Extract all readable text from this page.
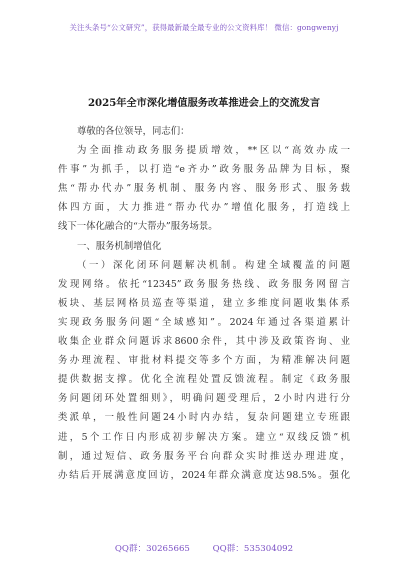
关注头条号“公文研究”，获得最新最全最专业的公文资料库！ 微信：gongwenyj
2025年全市深化增值服务改革推进会上的交流发言
尊敬的各位领导，同志们：
为全面推动政务服务提质增效，**区以“高效办成一
件事”为抓手，以打造“e齐办”政务服务品牌为目标，聚
焦“帮办代办”服务机制、服务内容、服务形式、服务载
体四方面，大力推进“帮办代办”增值化服务，打造线上
线下一体化融合的“大帮办”服务场景。
一、服务机制增值化
（一）深化闭环问题解决机制。构建全域覆盖的问题
发现网络。依托“12345”政务服务热线、政务服务网留言
板块、基层网格员巡查等渠道，建立多维度问题收集体系
实现政务服务问题“全域感知”。2024年通过各渠道累计
收集企业群众问题诉求8600余件，其中涉及政策咨询、业
务办理流程、审批材料提交等多个方面，为精准解决问题
提供数据支撑。优化全流程处置反馈流程。制定《政务服
务问题闭环处置细则》，明确问题受理后，2小时内进行分
类派单，一般性问题24小时内办结，复杂问题建立专班跟
进，5个工作日内形成初步解决方案。建立“双线反馈”机
制，通过短信、政务服务平台向群众实时推送办理进度，
办结后开展满意度回访，2024年群众满意度达98.5%。强化
QQ群：30265665	QQ群：535304092
